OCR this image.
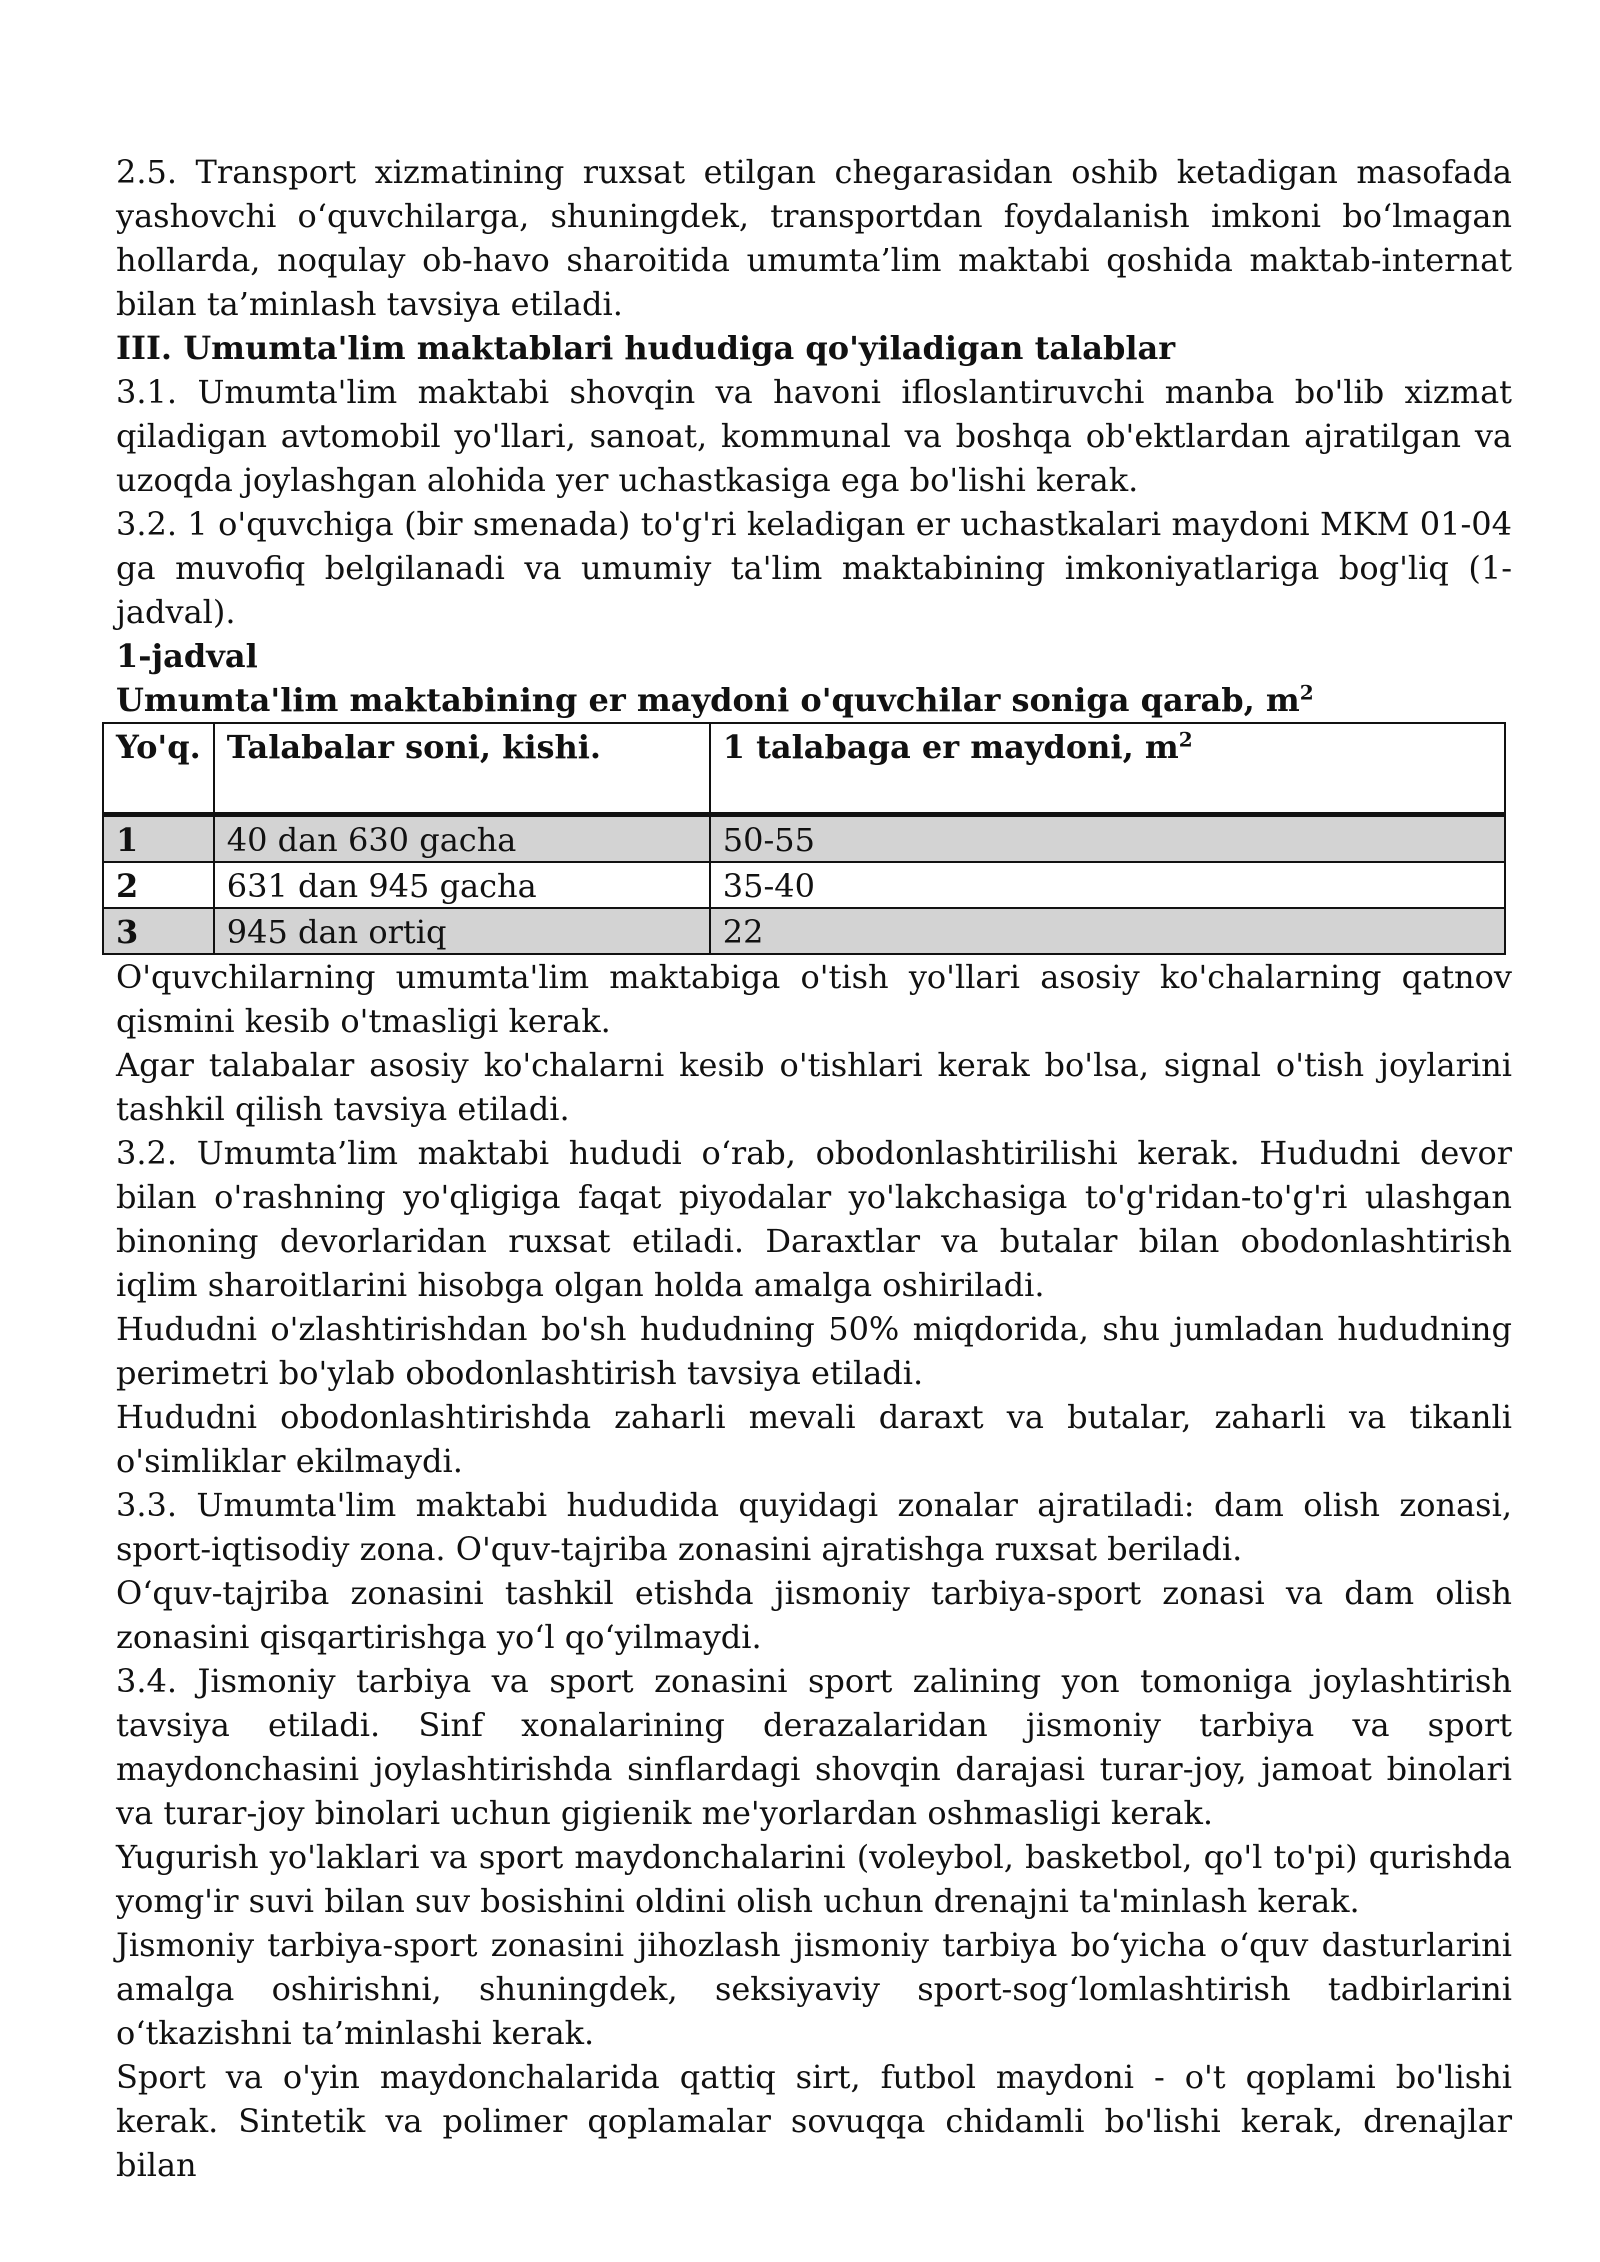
2.5. Transport xizmatining ruxsat etilgan chegarasidan oshib ketadigan masofada yashovchi o‘quvchilarga, shuningdek, transportdan foydalanish imkoni bo‘lmagan hollarda, noqulay ob-havo sharoitida umumta’lim maktabi qoshida maktab-internat bilan ta’minlash tavsiya etiladi.

III. Umumta'lim maktablari hududiga qo'yiladigan talablar

3.1. Umumta'lim maktabi shovqin va havoni ifloslantiruvchi manba bo'lib xizmat qiladigan avtomobil yo'llari, sanoat, kommunal va boshqa ob'ektlardan ajratilgan va uzoqda joylashgan alohida yer uchastkasiga ega bo'lishi kerak.

3.2. 1 o'quvchiga (bir smenada) to'g'ri keladigan er uchastkalari maydoni MKM 01-04 ga muvofiq belgilanadi va umumiy ta'lim maktabining imkoniyatlariga bog'liq (1-jadval).

1-jadval

Umumta'lim maktabining er maydoni o'quvchilar soniga qarab, $m^2$

Yo'q.	Talabalar soni, kishi.	1 talabaga er maydoni, $m^2$
1	40 dan 630 gacha	50-55
2	631 dan 945 gacha	35-40
3	945 dan ortiq	22

O'quvchilarning umumta'lim maktabiga o'tish yo'llari asosiy ko'chalarning qatnov qismini kesib o'tmasligi kerak.

Agar talabalar asosiy ko'chalarni kesib o'tishlari kerak bo'lsa, signal o'tish joylarini tashkil qilish tavsiya etiladi.

3.2. Umumta’lim maktabi hududi o‘rab, obodonlashtirilishi kerak. Hududni devor bilan o'rashning yo'qligiga faqat piyodalar yo'lakchasiga to'g'ridan-to'g'ri ulashgan binoning devorlaridan ruxsat etiladi. Daraxtlar va butalar bilan obodonlashtirish iqlim sharoitlarini hisobga olgan holda amalga oshiriladi.

Hududni o'zlashtirishdan bo'sh hududning 50% miqdorida, shu jumladan hududning perimetri bo'ylab obodonlashtirish tavsiya etiladi.

Hududni obodonlashtirishda zaharli mevali daraxt va butalar, zaharli va tikanli o'simliklar ekilmaydi.

3.3. Umumta'lim maktabi hududida quyidagi zonalar ajratiladi: dam olish zonasi, sport-iqtisodiy zona. O'quv-tajriba zonasini ajratishga ruxsat beriladi.

O‘quv-tajriba zonasini tashkil etishda jismoniy tarbiya-sport zonasi va dam olish zonasini qisqartirishga yo‘l qo‘yilmaydi.

3.4. Jismoniy tarbiya va sport zonasini sport zalining yon tomoniga joylashtirish tavsiya etiladi. Sinf xonalarining derazalaridan jismoniy tarbiya va sport maydonchasini joylashtirishda sinflardagi shovqin darajasi turar-joy, jamoat binolari va turar-joy binolari uchun gigienik me'yorlardan oshmasligi kerak.

Yugurish yo'laklari va sport maydonchalarini (voleybol, basketbol, qo'l to'pi) qurishda yomg'ir suvi bilan suv bosishini oldini olish uchun drenajni ta'minlash kerak.

Jismoniy tarbiya-sport zonasini jihozlash jismoniy tarbiya bo‘yicha o‘quv dasturlarini amalga oshirishni, shuningdek, seksiyaviy sport-sog‘lomlashtirish tadbirlarini o‘tkazishni ta’minlashi kerak.

Sport va o'yin maydonchalarida qattiq sirt, futbol maydoni - o't qoplami bo'lishi kerak. Sintetik va polimer qoplamalar sovuqqa chidamli bo'lishi kerak, drenajlar bilan
